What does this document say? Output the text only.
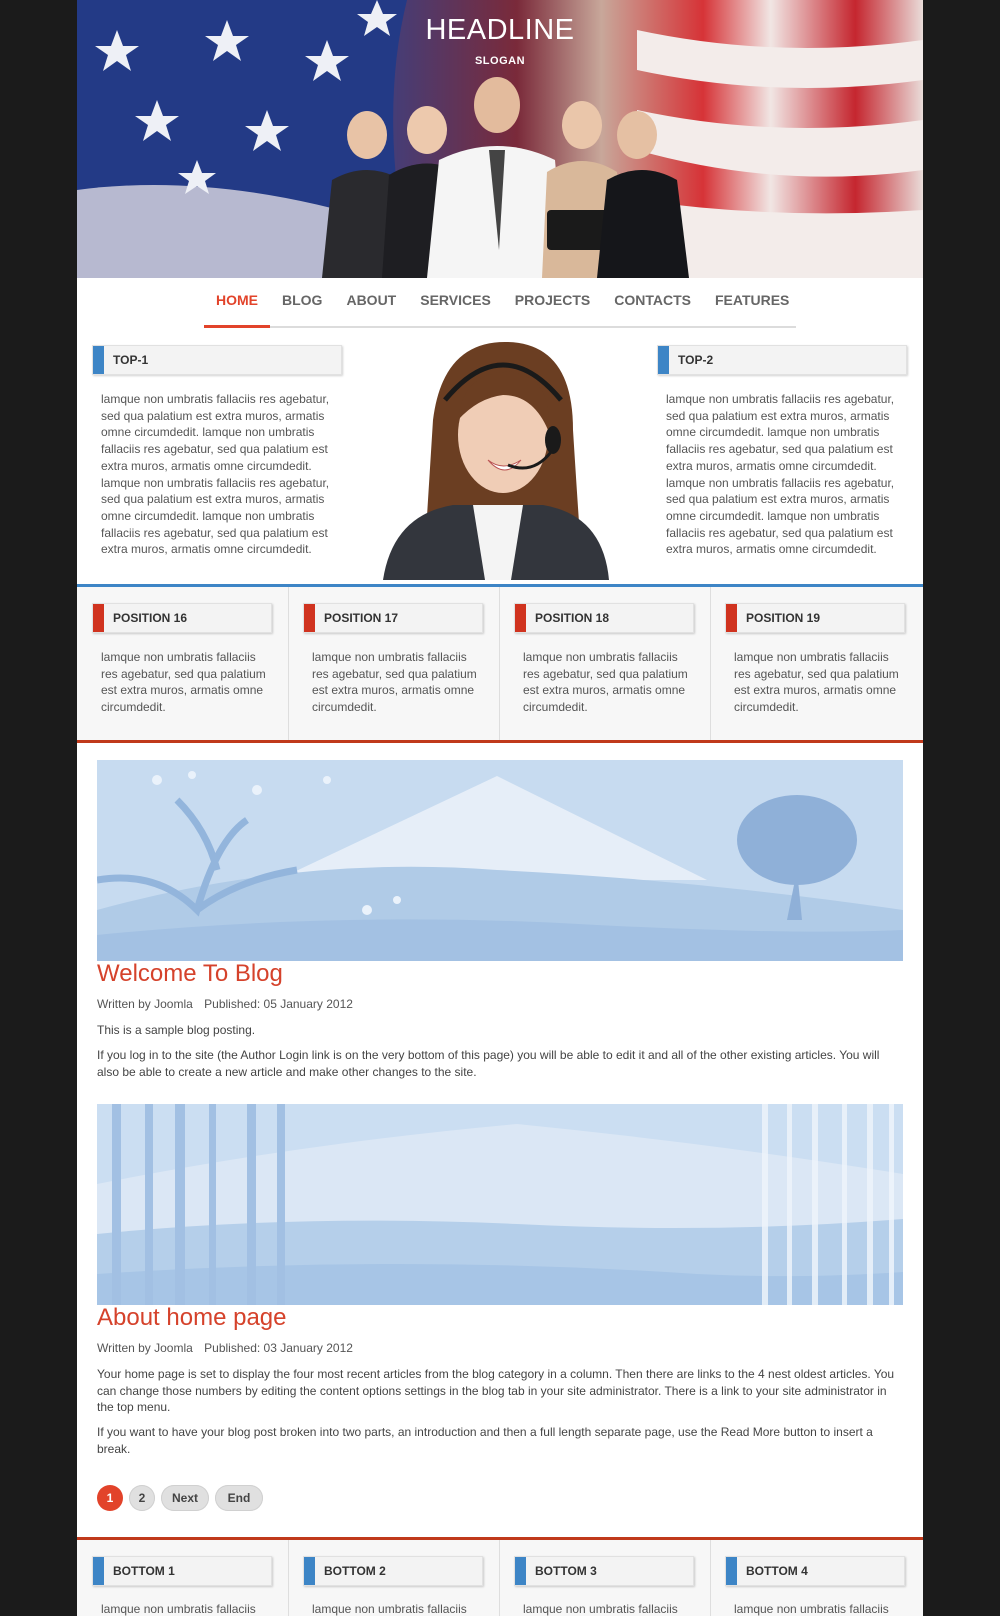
HEADLINE
SLOGAN
HOME	BLOG	ABOUT	SERVICES	PROJECTS	CONTACTS	FEATURES
TOP-1
lamque non umbratis fallaciis res agebatur, sed qua palatium est extra muros, armatis omne circumdedit. lamque non umbratis fallaciis res agebatur, sed qua palatium est extra muros, armatis omne circumdedit. lamque non umbratis fallaciis res agebatur, sed qua palatium est extra muros, armatis omne circumdedit. lamque non umbratis fallaciis res agebatur, sed qua palatium est extra muros, armatis omne circumdedit.
TOP-2
lamque non umbratis fallaciis res agebatur, sed qua palatium est extra muros, armatis omne circumdedit. lamque non umbratis fallaciis res agebatur, sed qua palatium est extra muros, armatis omne circumdedit. lamque non umbratis fallaciis res agebatur, sed qua palatium est extra muros, armatis omne circumdedit. lamque non umbratis fallaciis res agebatur, sed qua palatium est extra muros, armatis omne circumdedit.
POSITION 16
lamque non umbratis fallaciis res agebatur, sed qua palatium est extra muros, armatis omne circumdedit.
POSITION 17
lamque non umbratis fallaciis res agebatur, sed qua palatium est extra muros, armatis omne circumdedit.
POSITION 18
lamque non umbratis fallaciis res agebatur, sed qua palatium est extra muros, armatis omne circumdedit.
POSITION 19
lamque non umbratis fallaciis res agebatur, sed qua palatium est extra muros, armatis omne circumdedit.
Welcome To Blog
Written by Joomla Published: 05 January 2012
This is a sample blog posting.
If you log in to the site (the Author Login link is on the very bottom of this page) you will be able to edit it and all of the other existing articles. You will also be able to create a new article and make other changes to the site.
About home page
Written by Joomla Published: 03 January 2012
Your home page is set to display the four most recent articles from the blog category in a column. Then there are links to the 4 nest oldest articles. You can change those numbers by editing the content options settings in the blog tab in your site administrator. There is a link to your site administrator in the top menu.
If you want to have your blog post broken into two parts, an introduction and then a full length separate page, use the Read More button to insert a break.
1	2	Next	End
BOTTOM 1
lamque non umbratis fallaciis
BOTTOM 2
lamque non umbratis fallaciis
BOTTOM 3
lamque non umbratis fallaciis
BOTTOM 4
lamque non umbratis fallaciis
